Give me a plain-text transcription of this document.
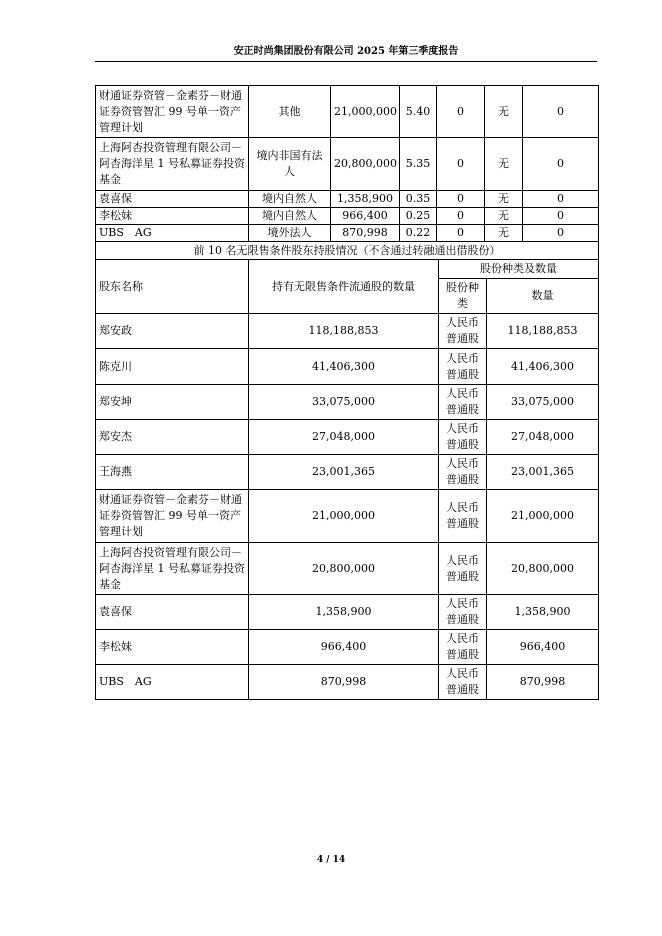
安正时尚集团股份有限公司 2025 年第三季度报告
财通证券资管－金素芬－财通证券资管智汇 99 号单一资产管理计划	其他	21,000,000	5.40	0	无	0
上海阿杏投资管理有限公司－阿杏海洋星 1 号私募证券投资基金	境内非国有法人	20,800,000	5.35	0	无	0
袁喜保	境内自然人	1,358,900	0.35	0	无	0
李松妹	境内自然人	966,400	0.25	0	无	0
UBS　AG	境外法人	870,998	0.22	0	无	0
前 10 名无限售条件股东持股情况（不含通过转融通出借股份）			
股东名称	持有无限售条件流通股的数量	股份种类及数量	
		股份种类	数量
郑安政	118,188,853	人民币普通股	118,188,853
陈克川	41,406,300	人民币普通股	41,406,300
郑安坤	33,075,000	人民币普通股	33,075,000
郑安杰	27,048,000	人民币普通股	27,048,000
王海燕	23,001,365	人民币普通股	23,001,365
财通证券资管－金素芬－财通证券资管智汇 99 号单一资产管理计划	21,000,000	人民币普通股	21,000,000
上海阿杏投资管理有限公司－阿杏海洋星 1 号私募证券投资基金	20,800,000	人民币普通股	20,800,000
袁喜保	1,358,900	人民币普通股	1,358,900
李松妹	966,400	人民币普通股	966,400
UBS　AG	870,998	人民币普通股	870,998
4 / 14
